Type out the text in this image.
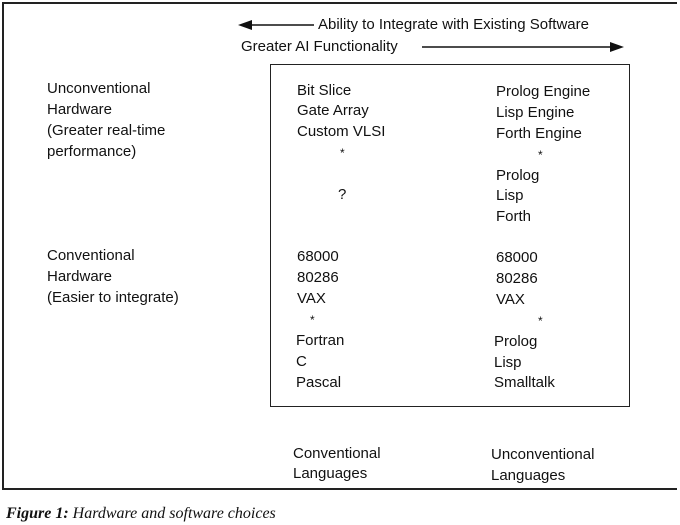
Ability to Integrate with Existing Software
Greater AI Functionality
Unconventional
Hardware
(Greater real-time
performance)
Conventional
Hardware
(Easier to integrate)
Bit Slice
Gate Array
Custom VLSI
*
?
Prolog Engine
Lisp Engine
Forth Engine
*
Prolog
Lisp
Forth
68000
80286
VAX
*
Fortran
C
Pascal
68000
80286
VAX
*
Prolog
Lisp
Smalltalk
Conventional
Languages
Unconventional
Languages
Figure 1: Hardware and software choices
